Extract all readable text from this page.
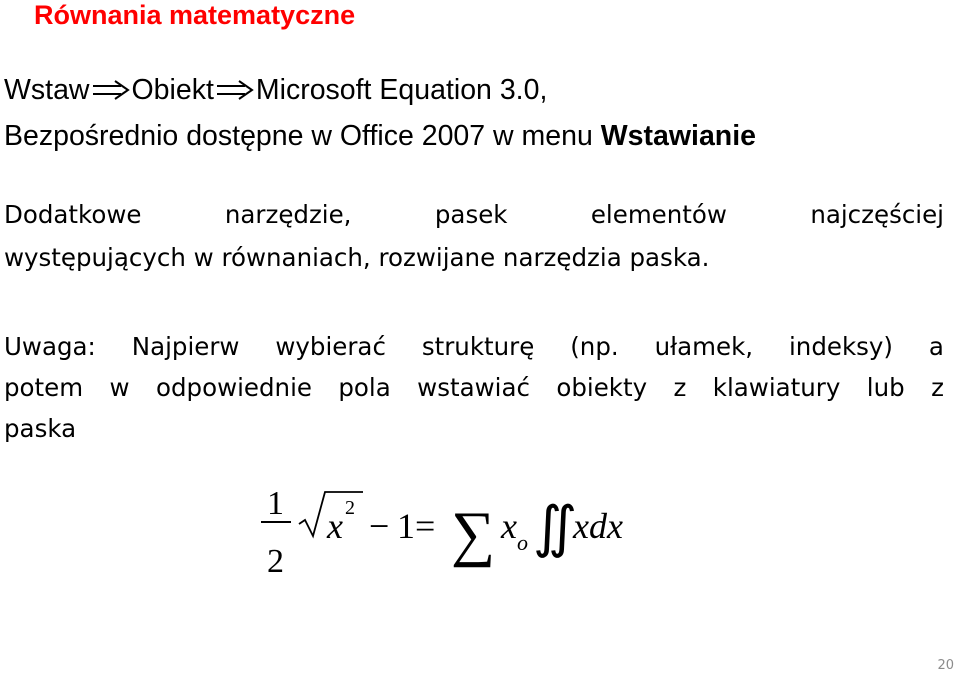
Równania matematyczne
Wstaw Obiekt Microsoft Equation 3.0,
Bezpośrednio dostępne w Office 2007 w menu Wstawianie
Dodatkowe	narzędzie,	pasek	elementów	najczęściej
występujących w równaniach, rozwijane narzędzia paska.
Uwaga: Najpierw wybierać strukturę (np. ułamek, indeksy) a
potem w odpowiednie pola wstawiać obiekty z klawiatury lub z
paska
1
2
x 2 − 1 = ∑ x o ∬
xdx
20
